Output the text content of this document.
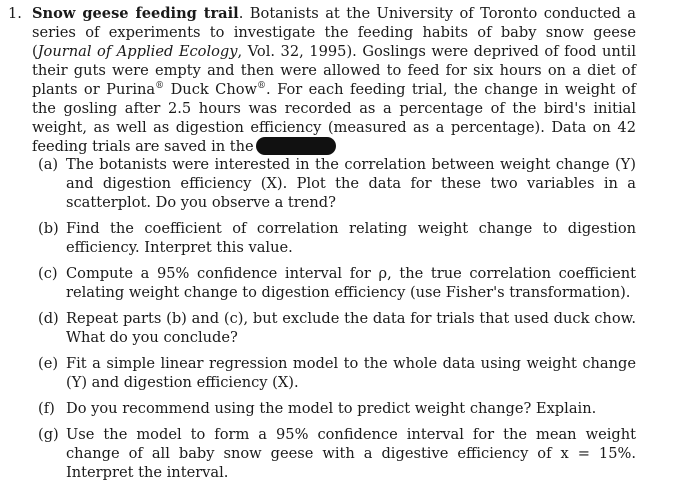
1. Snow geese feeding trail. Botanists at the University of Toronto conducted a series of experiments to investigate the feeding habits of baby snow geese (Journal of Applied Ecology, Vol. 32, 1995). Goslings were deprived of food until their guts were empty and then were allowed to feed for six hours on a diet of plants or Purina® Duck Chow®. For each feeding trial, the change in weight of the gosling after 2.5 hours was recorded as a percentage of the bird's initial weight, as well as digestion efficiency (measured as a percentage). Data on 42 feeding trials are saved in the
(a) The botanists were interested in the correlation between weight change (Y) and digestion efficiency (X). Plot the data for these two variables in a scatterplot. Do you observe a trend?
(b) Find the coefficient of correlation relating weight change to digestion efficiency. Interpret this value.
(c) Compute a 95% confidence interval for ρ, the true correlation coefficient relating weight change to digestion efficiency (use Fisher's transformation).
(d) Repeat parts (b) and (c), but exclude the data for trials that used duck chow. What do you conclude?
(e) Fit a simple linear regression model to the whole data using weight change (Y) and digestion efficiency (X).
(f) Do you recommend using the model to predict weight change? Explain.
(g) Use the model to form a 95% confidence interval for the mean weight change of all baby snow geese with a digestive efficiency of x = 15%. Interpret the interval.
